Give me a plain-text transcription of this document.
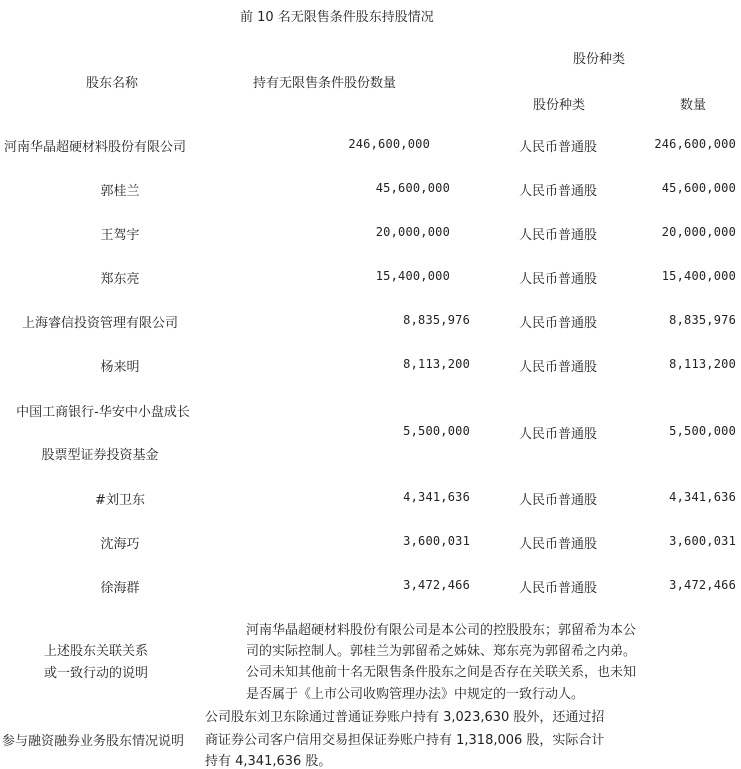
前 10 名无限售条件股东持股情况
股东名称	持有无限售条件股份数量
股份种类
股份种类	数量
河南华晶超硬材料股份有限公司	246,600,000	人民币普通股	246,600,000
郭桂兰	45,600,000	人民币普通股	45,600,000
王驾宇	20,000,000	人民币普通股	20,000,000
郑东亮	15,400,000	人民币普通股	15,400,000
上海睿信投资管理有限公司	8,835,976	人民币普通股	8,835,976
杨来明	8,113,200	人民币普通股	8,113,200
中国工商银行-华安中小盘成长
股票型证券投资基金
5,500,000	人民币普通股	5,500,000
#刘卫东	4,341,636	人民币普通股	4,341,636
沈海巧	3,600,031	人民币普通股	3,600,031
徐海群	3,472,466	人民币普通股	3,472,466
上述股东关联关系
或一致行动的说明
河南华晶超硬材料股份有限公司是本公司的控股股东；郭留希为本公
司的实际控制人。郭桂兰为郭留希之姊妹、郑东亮为郭留希之内弟。
公司未知其他前十名无限售条件股东之间是否存在关联关系，也未知
是否属于《上市公司收购管理办法》中规定的一致行动人。
参与融资融券业务股东情况说明
公司股东刘卫东除通过普通证券账户持有 3,023,630 股外，还通过招
商证券公司客户信用交易担保证券账户持有 1,318,006 股，实际合计
持有 4,341,636 股。
